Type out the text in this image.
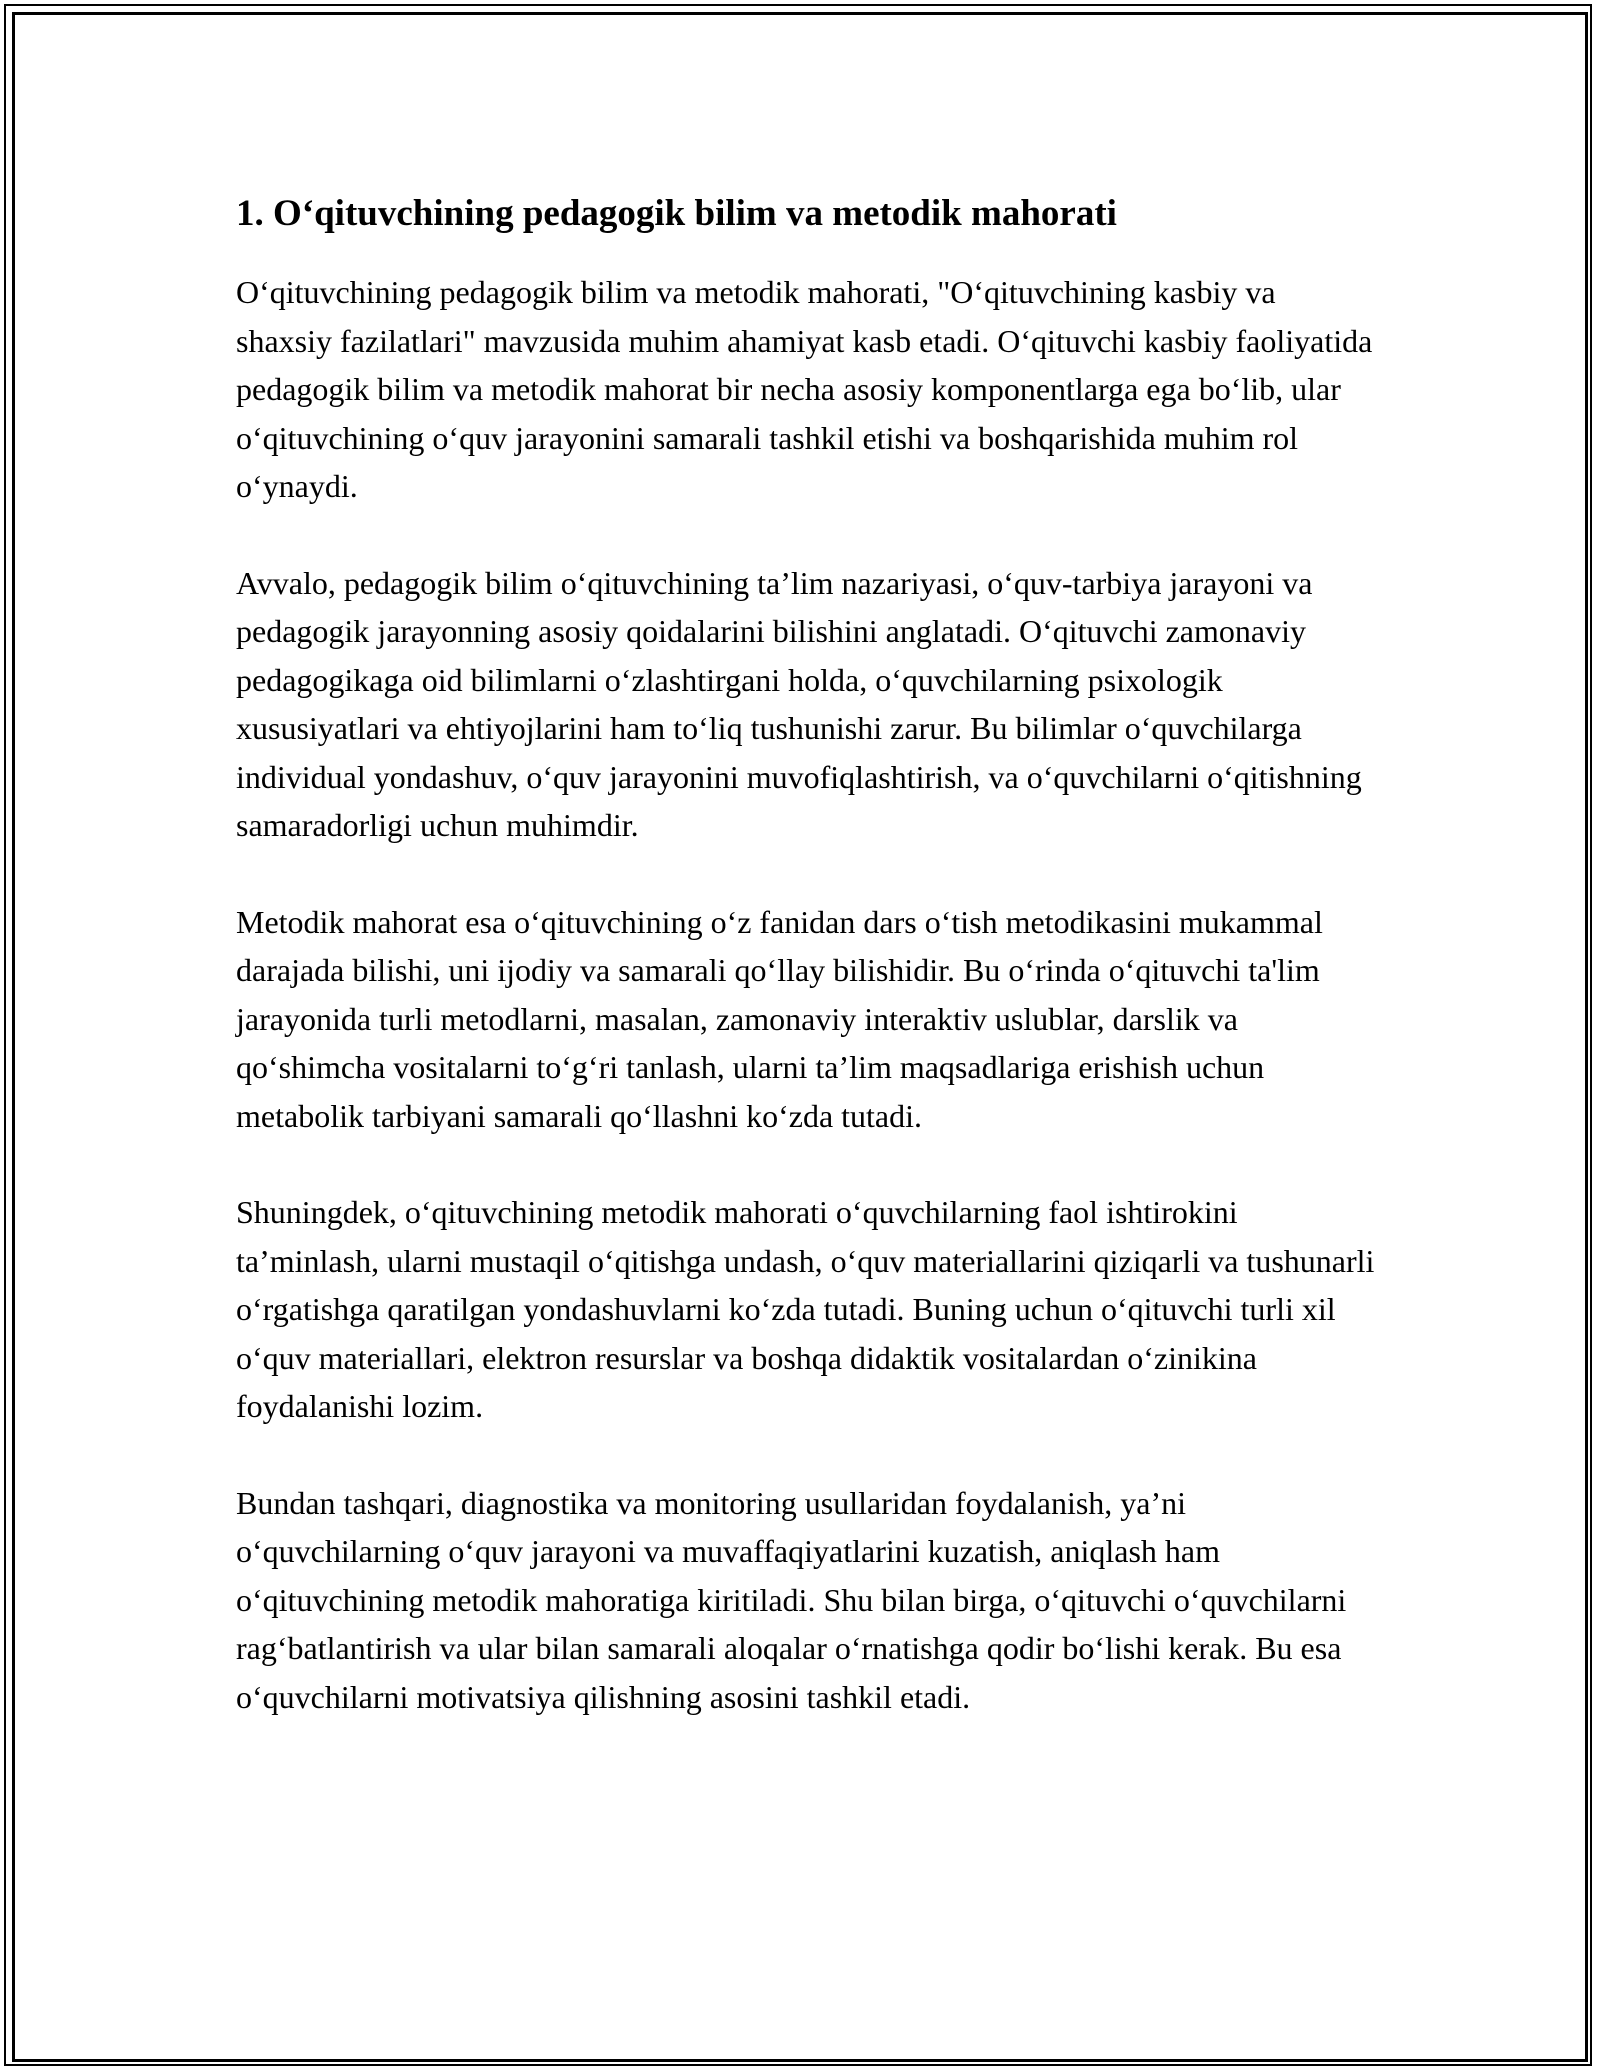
1. O‘qituvchining pedagogik bilim va metodik mahorati

O‘qituvchining pedagogik bilim va metodik mahorati, "O‘qituvchining kasbiy va shaxsiy fazilatlari" mavzusida muhim ahamiyat kasb etadi. O‘qituvchi kasbiy faoliyatida pedagogik bilim va metodik mahorat bir necha asosiy komponentlarga ega bo‘lib, ular o‘qituvchining o‘quv jarayonini samarali tashkil etishi va boshqarishida muhim rol o‘ynaydi.

Avvalo, pedagogik bilim o‘qituvchining ta’lim nazariyasi, o‘quv-tarbiya jarayoni va pedagogik jarayonning asosiy qoidalarini bilishini anglatadi. O‘qituvchi zamonaviy pedagogikaga oid bilimlarni o‘zlashtirgani holda, o‘quvchilarning psixologik xususiyatlari va ehtiyojlarini ham to‘liq tushunishi zarur. Bu bilimlar o‘quvchilarga individual yondashuv, o‘quv jarayonini muvofiqlashtirish, va o‘quvchilarni o‘qitishning samaradorligi uchun muhimdir.

Metodik mahorat esa o‘qituvchining o‘z fanidan dars o‘tish metodikasini mukammal darajada bilishi, uni ijodiy va samarali qo‘llay bilishidir. Bu o‘rinda o‘qituvchi ta'lim jarayonida turli metodlarni, masalan, zamonaviy interaktiv uslublar, darslik va qo‘shimcha vositalarni to‘g‘ri tanlash, ularni ta’lim maqsadlariga erishish uchun metabolik tarbiyani samarali qo‘llashni ko‘zda tutadi.

Shuningdek, o‘qituvchining metodik mahorati o‘quvchilarning faol ishtirokini ta’minlash, ularni mustaqil o‘qitishga undash, o‘quv materiallarini qiziqarli va tushunarli o‘rgatishga qaratilgan yondashuvlarni ko‘zda tutadi. Buning uchun o‘qituvchi turli xil o‘quv materiallari, elektron resurslar va boshqa didaktik vositalardan o‘zinikina foydalanishi lozim.

Bundan tashqari, diagnostika va monitoring usullaridan foydalanish, ya’ni o‘quvchilarning o‘quv jarayoni va muvaffaqiyatlarini kuzatish, aniqlash ham o‘qituvchining metodik mahoratiga kiritiladi. Shu bilan birga, o‘qituvchi o‘quvchilarni rag‘batlantirish va ular bilan samarali aloqalar o‘rnatishga qodir bo‘lishi kerak. Bu esa o‘quvchilarni motivatsiya qilishning asosini tashkil etadi.
